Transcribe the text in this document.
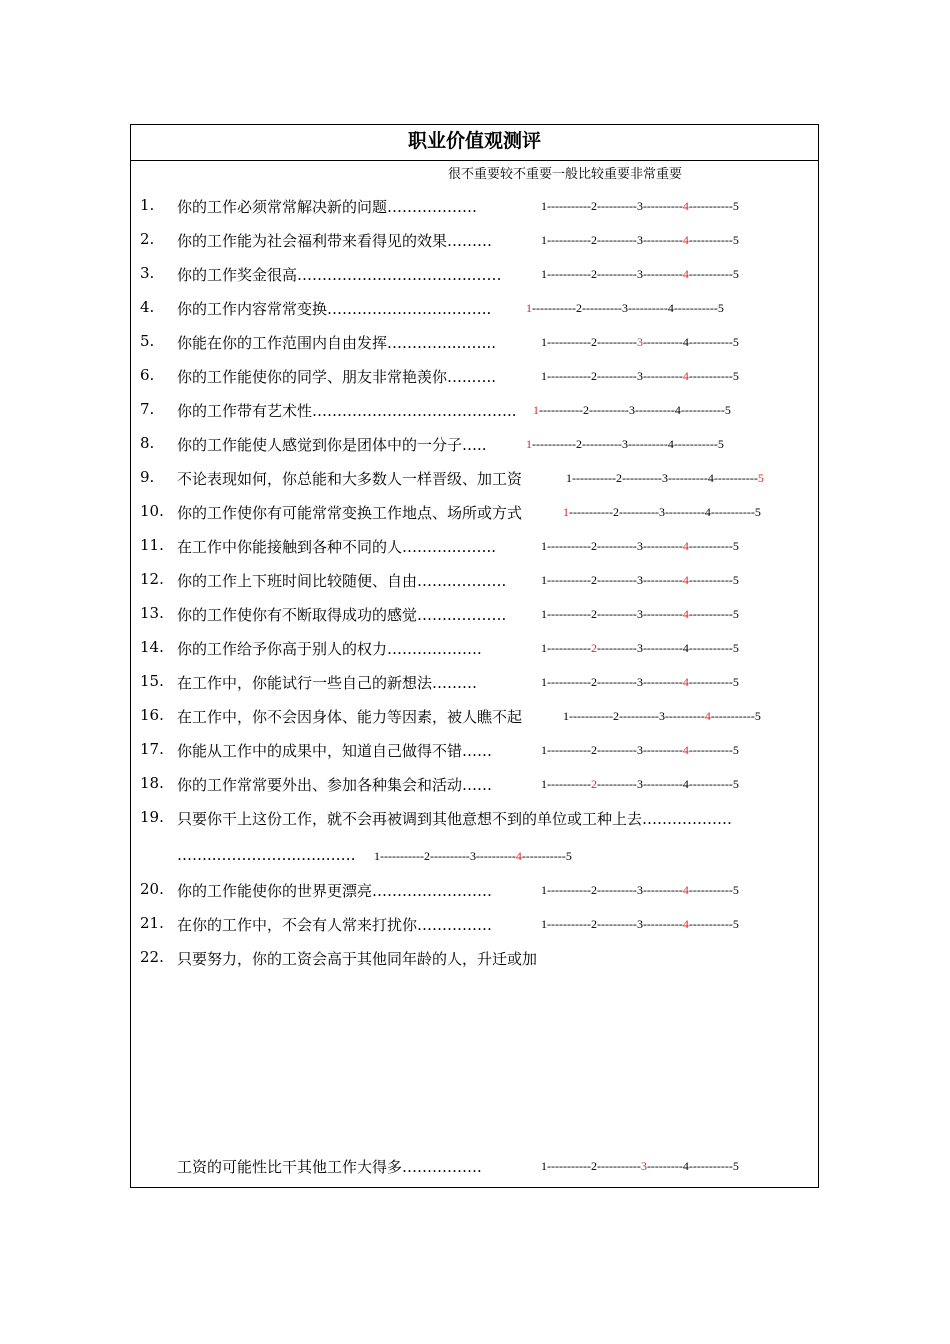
职业价值观测评
很不重要较不重要一般比较重要非常重要
1. 你的工作必须常常解决新的问题………………	1-----------2----------3----------4-----------5
2. 你的工作能为社会福利带来看得见的效果………	1-----------2----------3----------4-----------5
3. 你的工作奖金很高……………………………..……	1-----------2----------3----------4-----------5
4. 你的工作内容常常变换…………………….……..	1-----------2----------3----------4-----------5
5. 你能在你的工作范围内自由发挥…………..……..	1-----------2----------3----------4-----------5
6. 你的工作能使你的同学、朋友非常艳羡你…..…..	1-----------2----------3----------4-----------5
7. 你的工作带有艺术性………………………………….. 1-----------2----------3----------4-----------5
8. 你的工作能使人感觉到你是团体中的一分子…..	1-----------2----------3----------4-----------5
9. 不论表现如何，你总能和大多数人一样晋级、加工资	1-----------2----------3----------4-----------5
10. 你的工作使你有可能常常变换工作地点、场所或方式	1-----------2----------3----------4-----------5
11. 在工作中你能接触到各种不同的人………..……..	1-----------2----------3----------4-----------5
12. 你的工作上下班时间比较随便、自由……..……….	1-----------2----------3----------4-----------5
13. 你的工作使你有不断取得成功的感觉……..……….	1-----------2----------3----------4-----------5
14. 你的工作给予你高于别人的权力……………….	1-----------2----------3----------4-----------5
15. 在工作中，你能试行一些自己的新想法………	1-----------2----------3----------4-----------5
16. 在工作中，你不会因身体、能力等因素，被人瞧不起	1-----------2----------3----------4-----------5
17. 你能从工作中的成果中，知道自己做得不错……	1-----------2----------3----------4-----------5
18. 你的工作常常要外出、参加各种集会和活动……	1-----------2----------3----------4-----------5
19. 只要你干上这份工作，就不会再被调到其他意想不到的单位或工种上去………………
……..……………..…..…… 1-----------2----------3----------4-----------5
20. 你的工作能使你的世界更漂亮……………………	1-----------2----------3----------4-----------5
21. 在你的工作中，不会有人常来打扰你……………	1-----------2----------3----------4-----------5
22. 只要努力，你的工资会高于其他同年龄的人，升迁或加
工资的可能性比干其他工作大得多…………….	1-----------2-----------3---------4-----------5
